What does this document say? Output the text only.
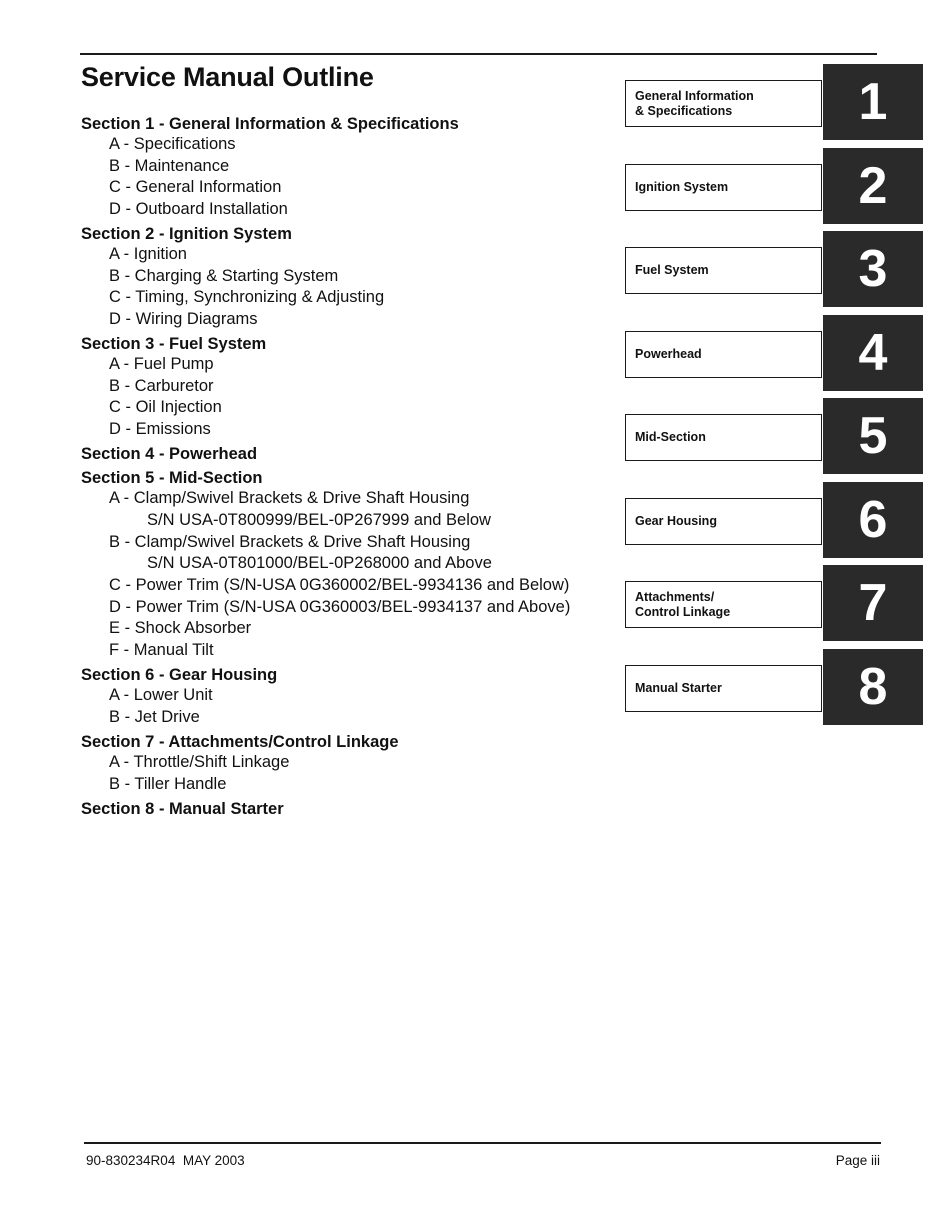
Service Manual Outline
Section 1 - General Information & Specifications
A - Specifications
B - Maintenance
C - General Information
D - Outboard Installation
Section 2 - Ignition System
A - Ignition
B - Charging & Starting System
C - Timing, Synchronizing & Adjusting
D - Wiring Diagrams
Section 3 - Fuel System
A - Fuel Pump
B - Carburetor
C - Oil Injection
D - Emissions
Section 4 - Powerhead
Section 5 - Mid-Section
A - Clamp/Swivel Brackets & Drive Shaft Housing
S/N USA-0T800999/BEL-0P267999 and Below
B - Clamp/Swivel Brackets & Drive Shaft Housing
S/N USA-0T801000/BEL-0P268000 and Above
C - Power Trim (S/N-USA 0G360002/BEL-9934136 and Below)
D - Power Trim (S/N-USA 0G360003/BEL-9934137 and Above)
E - Shock Absorber
F - Manual Tilt
Section 6 - Gear Housing
A - Lower Unit
B - Jet Drive
Section 7 - Attachments/Control Linkage
A - Throttle/Shift Linkage
B - Tiller Handle
Section 8 - Manual Starter
General Information
& Specifications	1
Ignition System	2
Fuel System	3
Powerhead	4
Mid-Section	5
Gear Housing	6
Attachments/
Control Linkage 7
Manual Starter	8
90-830234R04  MAY 2003	Page iii
